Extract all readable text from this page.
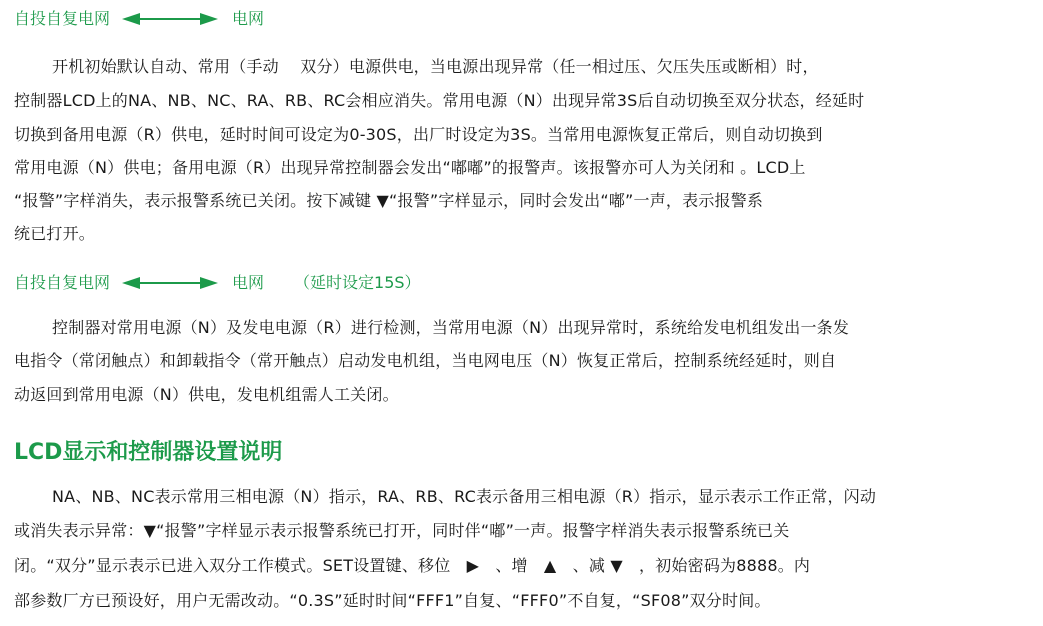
自投自复电网	电网
开机初始默认自动、常用（手动　 双分）电源供电，当电源出现异常（任一相过压、欠压失压或断相）时，
控制器LCD上的NA、NB、NC、RA、RB、RC会相应消失。常用电源（N）出现异常3S后自动切换至双分状态，经延时
切换到备用电源（R）供电，延时时间可设定为0-30S，出厂时设定为3S。当常用电源恢复正常后，则自动切换到
常用电源（N）供电；备用电源（R）出现异常控制器会发出“嘟嘟”的报警声。该报警亦可人为关闭和 。LCD上
“报警”字样消失，表示报警系统已关闭。按下减键 ▼“报警”字样显示，同时会发出“嘟”一声，表示报警系
统已打开。
自投自复电网	电网 （延时设定15S）
控制器对常用电源（N）及发电电源（R）进行检测，当常用电源（N）出现异常时，系统给发电机组发出一条发
电指令（常闭触点）和卸载指令（常开触点）启动发电机组，当电网电压（N）恢复正常后，控制系统经延时，则自
动返回到常用电源（N）供电，发电机组需人工关闭。
LCD显示和控制器设置说明
NA、NB、NC表示常用三相电源（N）指示，RA、RB、RC表示备用三相电源（R）指示，显示表示工作正常，闪动
或消失表示异常：▼“报警”字样显示表示报警系统已打开，同时伴“嘟”一声。报警字样消失表示报警系统已关
闭。“双分”显示表示已进入双分工作模式。SET设置键、移位　▶　、增　▲　、减 ▼　，初始密码为8888。内
部参数厂方已预设好，用户无需改动。“0.3S”延时时间“FFF1”自复、“FFF0”不自复，“SF08”双分时间。
